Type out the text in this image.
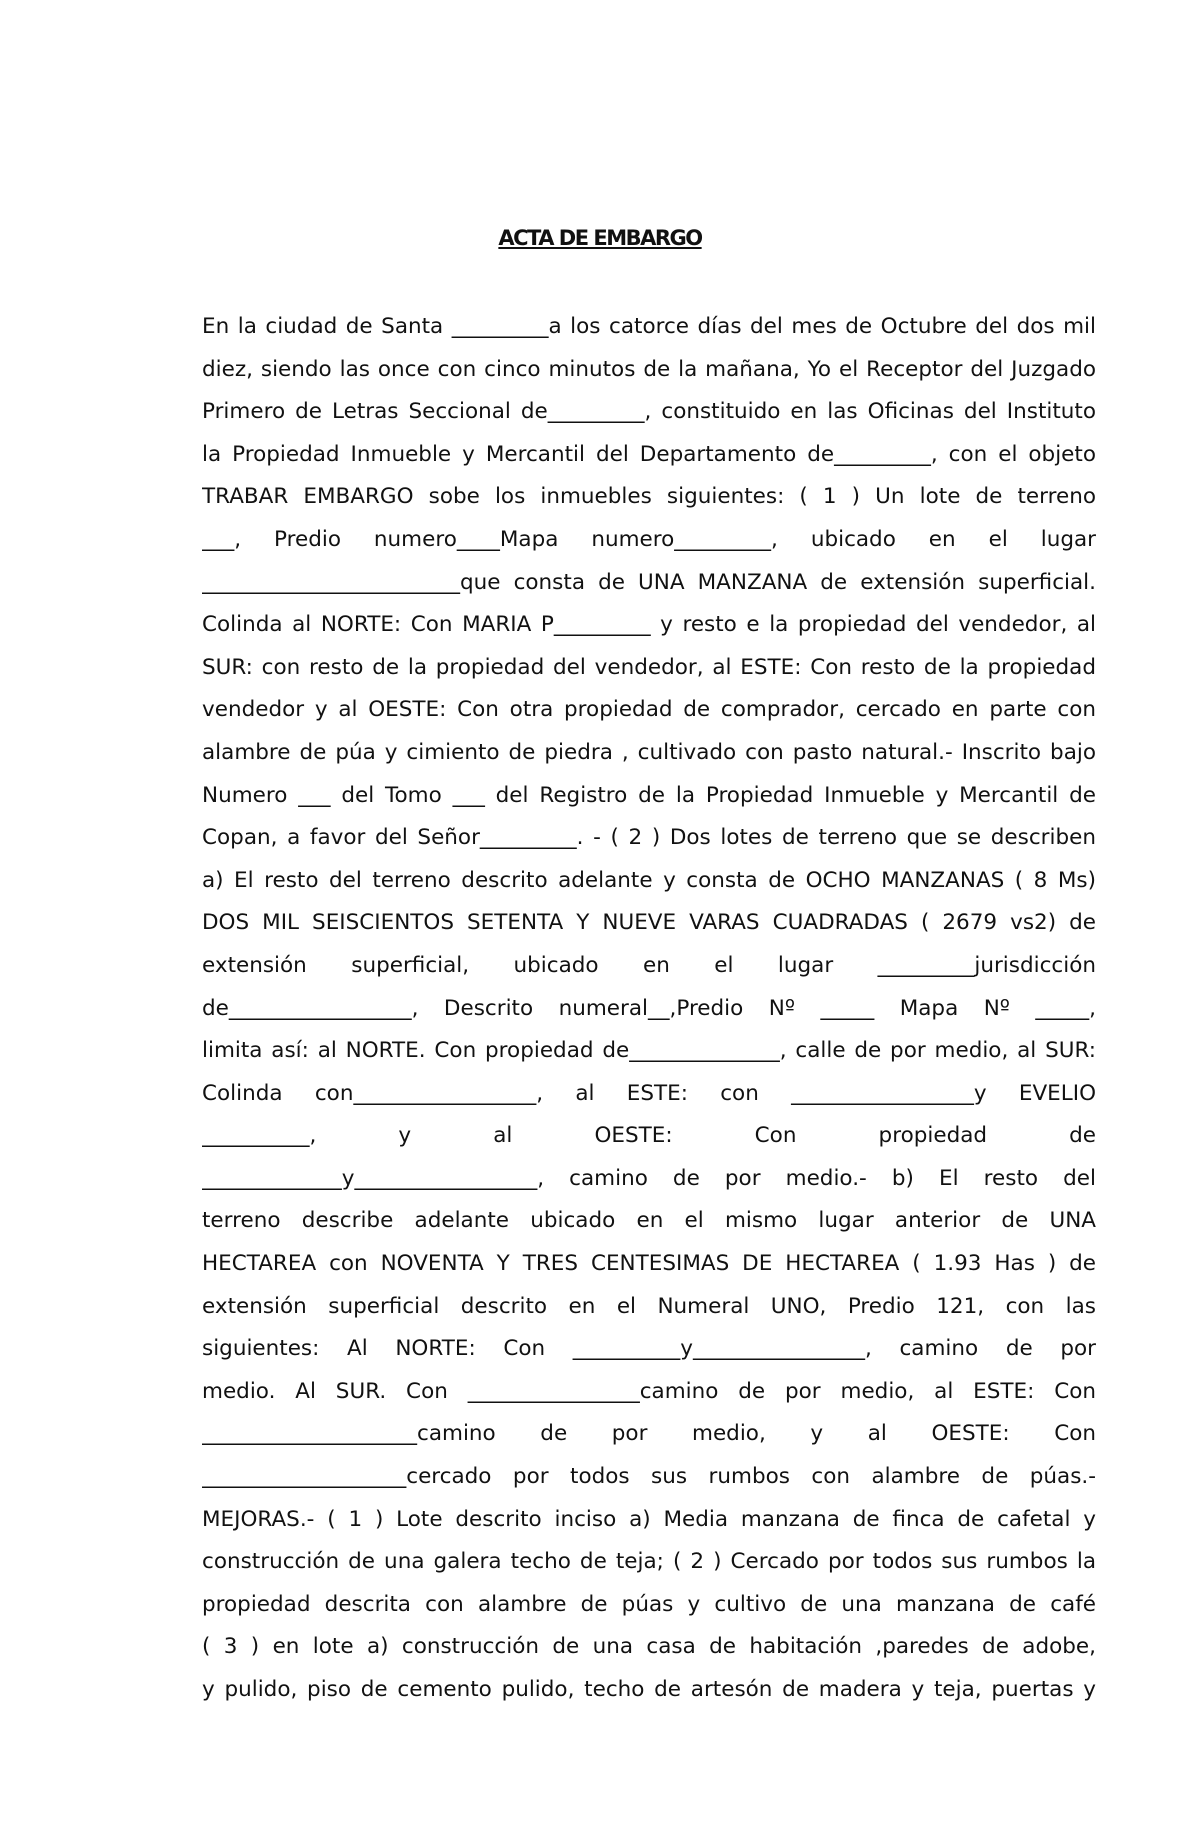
ACTA DE EMBARGO
En la ciudad de Santa _________a los catorce días del mes de Octubre del dos mil
diez, siendo las once con cinco minutos de la mañana, Yo el Receptor del Juzgado
Primero de Letras Seccional de_________, constituido en las Oficinas del Instituto
la Propiedad Inmueble y Mercantil del Departamento de_________, con el objeto
TRABAR EMBARGO sobe los inmuebles siguientes: ( 1 ) Un lote de terreno
___, Predio numero____Mapa numero_________, ubicado en el lugar
________________________que consta de UNA MANZANA de extensión superficial.
Colinda al NORTE: Con MARIA P_________ y resto e la propiedad del vendedor, al
SUR: con resto de la propiedad del vendedor, al ESTE: Con resto de la propiedad
vendedor y al OESTE: Con otra propiedad de comprador, cercado en parte con
alambre de púa y cimiento de piedra , cultivado con pasto natural.- Inscrito bajo
Numero ___ del Tomo ___ del Registro de la Propiedad Inmueble y Mercantil de
Copan, a favor del Señor_________. - ( 2 ) Dos lotes de terreno que se describen
a) El resto del terreno descrito adelante y consta de OCHO MANZANAS ( 8 Ms)
DOS MIL SEISCIENTOS SETENTA Y NUEVE VARAS CUADRADAS ( 2679 vs2) de
extensión superficial, ubicado en el lugar _________jurisdicción
de_________________, Descrito numeral__,Predio Nº _____ Mapa Nº _____,
limita así: al NORTE. Con propiedad de______________, calle de por medio, al SUR:
Colinda con_________________, al ESTE: con _________________y EVELIO
__________, y al OESTE: Con propiedad de
_____________y_________________, camino de por medio.- b) El resto del
terreno describe adelante ubicado en el mismo lugar anterior de UNA
HECTAREA con NOVENTA Y TRES CENTESIMAS DE HECTAREA ( 1.93 Has ) de
extensión superficial descrito en el Numeral UNO, Predio 121, con las
siguientes: Al NORTE: Con __________y________________, camino de por
medio. Al SUR. Con ________________camino de por medio, al ESTE: Con
____________________camino de por medio, y al OESTE: Con
___________________cercado por todos sus rumbos con alambre de púas.-
MEJORAS.- ( 1 ) Lote descrito inciso a) Media manzana de finca de cafetal y
construcción de una galera techo de teja; ( 2 ) Cercado por todos sus rumbos la
propiedad descrita con alambre de púas y cultivo de una manzana de café
( 3 ) en lote a) construcción de una casa de habitación ,paredes de adobe,
y pulido, piso de cemento pulido, techo de artesón de madera y teja, puertas y
